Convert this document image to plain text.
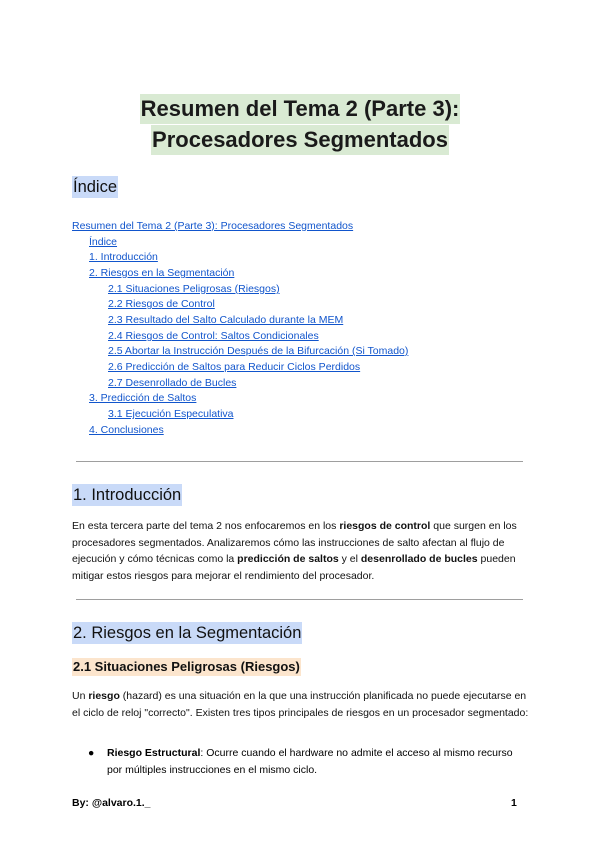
Resumen del Tema 2 (Parte 3):
Procesadores Segmentados
Índice
Resumen del Tema 2 (Parte 3): Procesadores Segmentados
Índice
1. Introducción
2. Riesgos en la Segmentación
2.1 Situaciones Peligrosas (Riesgos)
2.2 Riesgos de Control
2.3 Resultado del Salto Calculado durante la MEM
2.4 Riesgos de Control: Saltos Condicionales
2.5 Abortar la Instrucción Después de la Bifurcación (Si Tomado)
2.6 Predicción de Saltos para Reducir Ciclos Perdidos
2.7 Desenrollado de Bucles
3. Predicción de Saltos
3.1 Ejecución Especulativa
4. Conclusiones
1. Introducción
En esta tercera parte del tema 2 nos enfocaremos en los riesgos de control que surgen en los procesadores segmentados. Analizaremos cómo las instrucciones de salto afectan al flujo de ejecución y cómo técnicas como la predicción de saltos y el desenrollado de bucles pueden mitigar estos riesgos para mejorar el rendimiento del procesador.
2. Riesgos en la Segmentación
2.1 Situaciones Peligrosas (Riesgos)
Un riesgo (hazard) es una situación en la que una instrucción planificada no puede ejecutarse en el ciclo de reloj "correcto". Existen tres tipos principales de riesgos en un procesador segmentado:
● Riesgo Estructural: Ocurre cuando el hardware no admite el acceso al mismo recurso por múltiples instrucciones en el mismo ciclo.
By: @alvaro.1._	1
